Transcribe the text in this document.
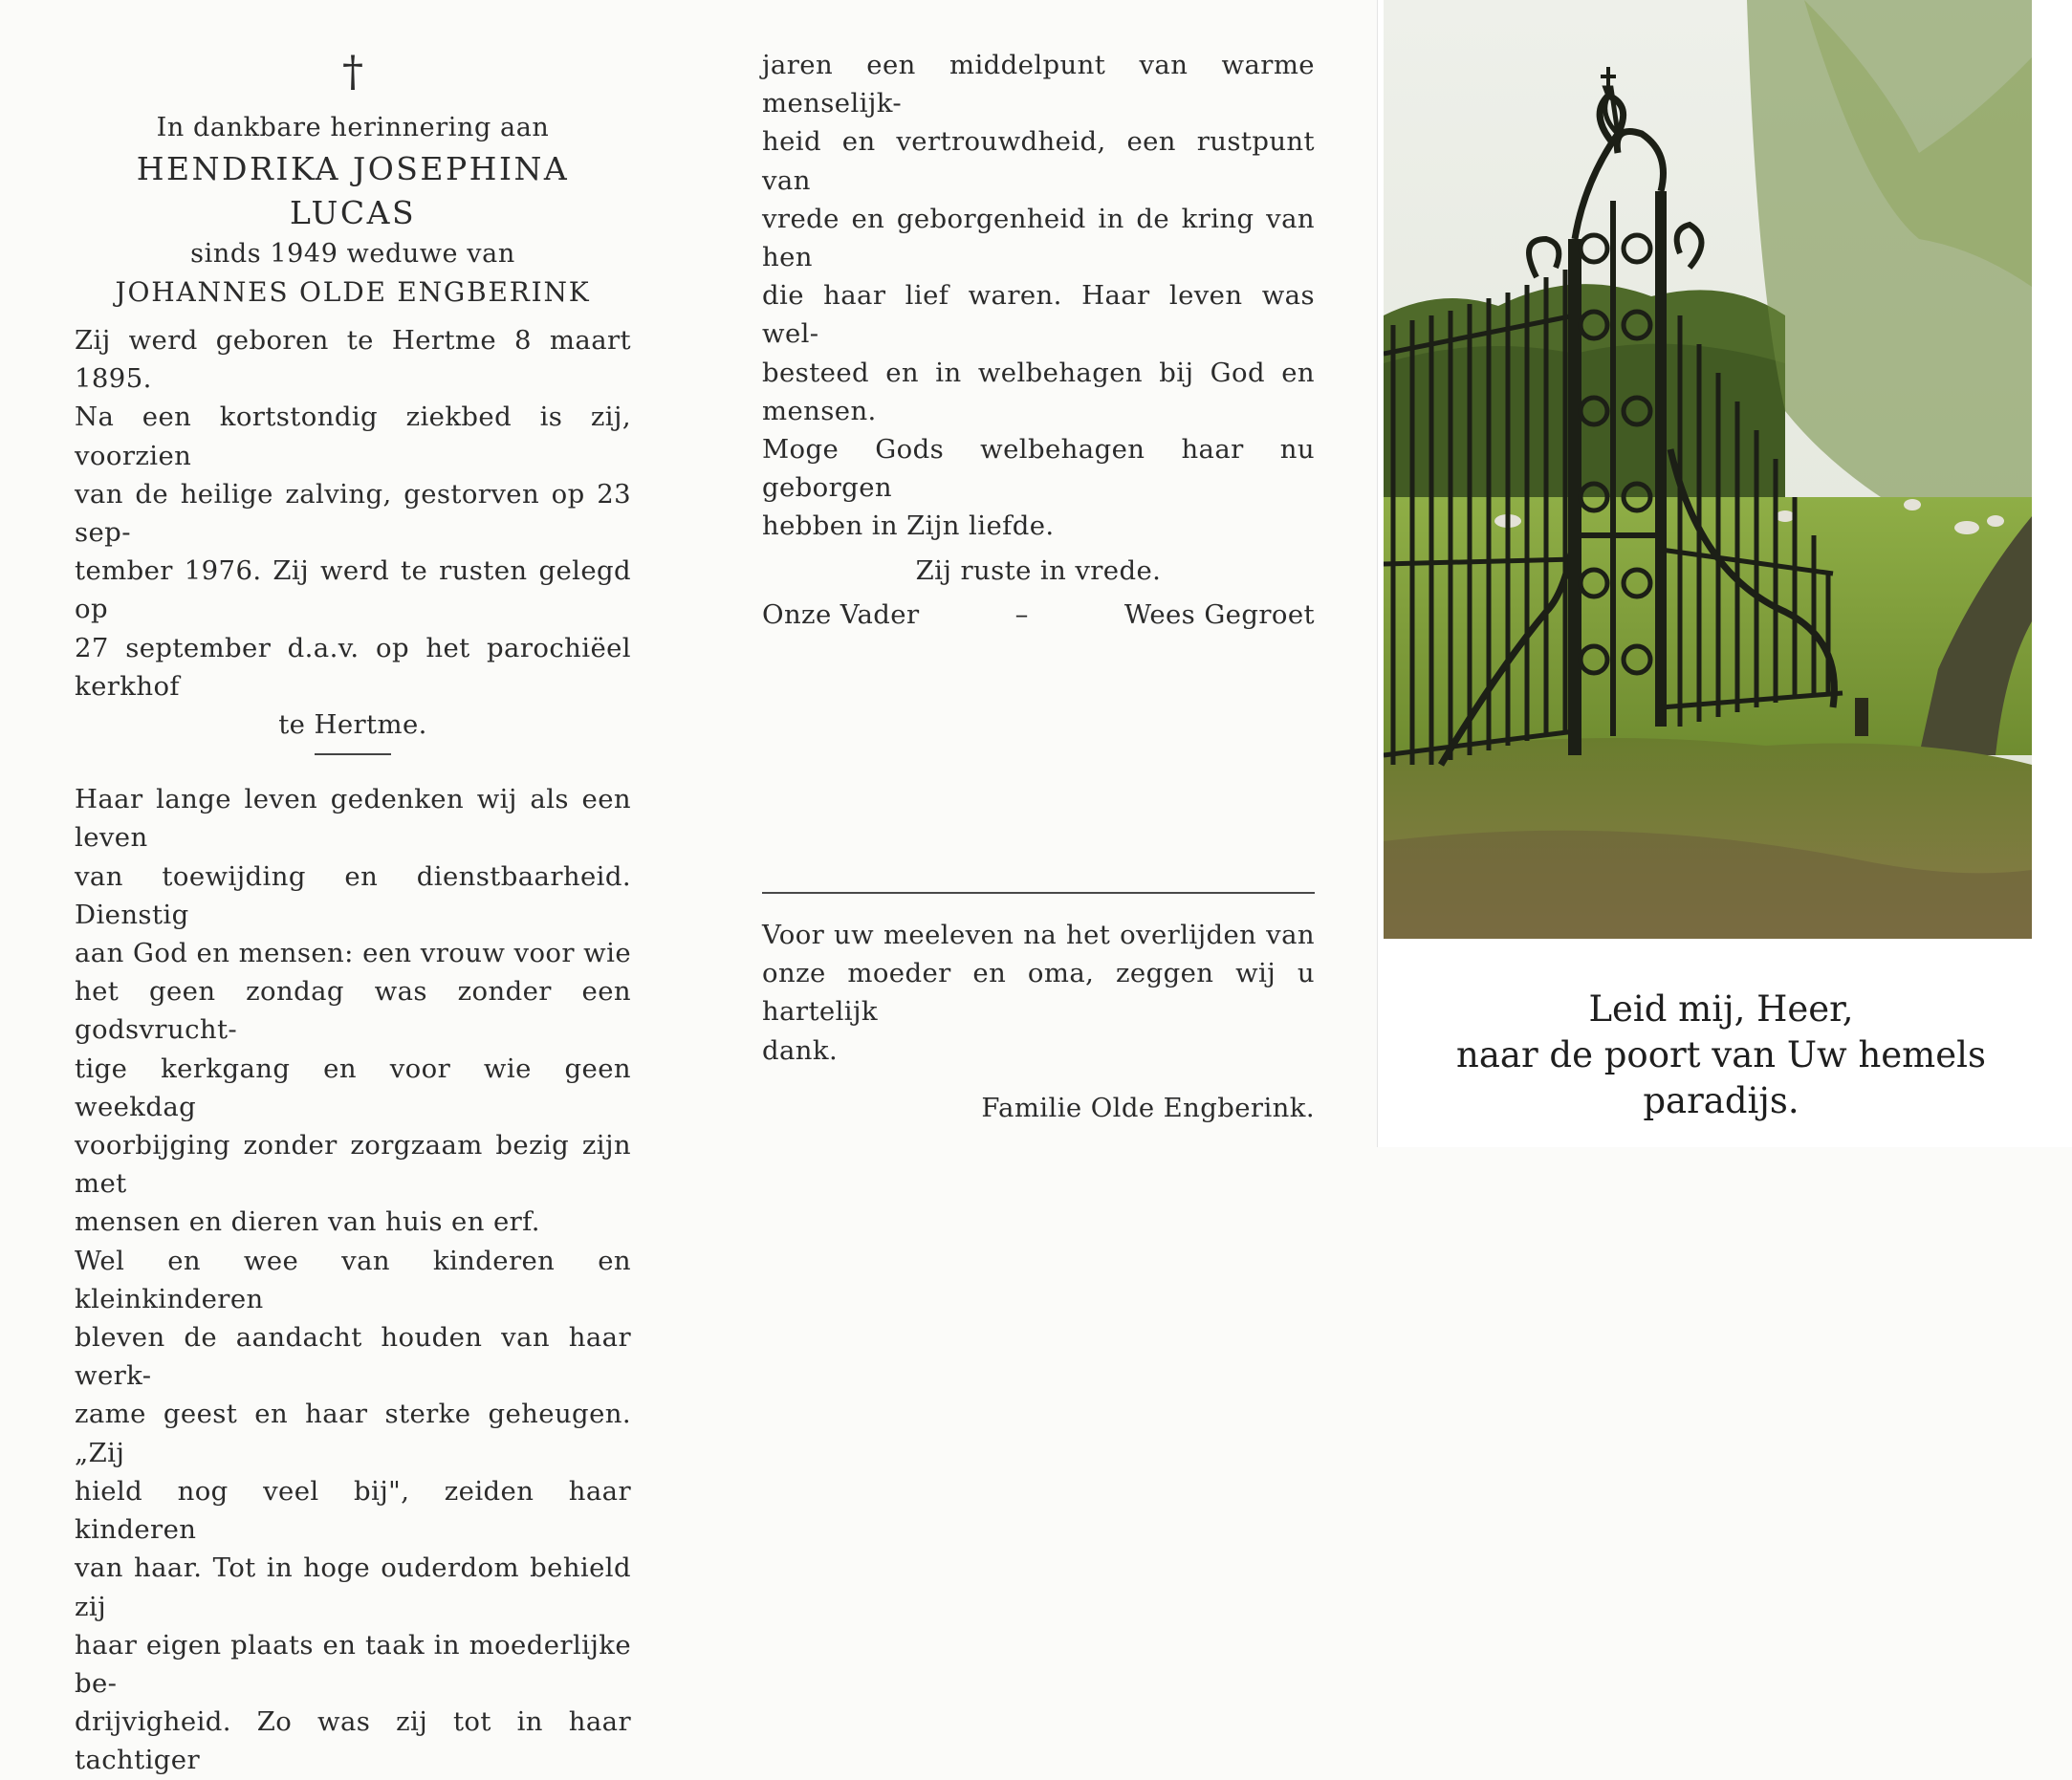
†
In dankbare herinnering aan
HENDRIKA JOSEPHINA LUCAS
sinds 1949 weduwe van
JOHANNES OLDE ENGBERINK
Zij werd geboren te Hertme 8 maart 1895.
Na een kortstondig ziekbed is zij, voorzien
van de heilige zalving, gestorven op 23 sep-
tember 1976. Zij werd te rusten gelegd op
27 september d.a.v. op het parochiëel kerkhof
te Hertme.
Haar lange leven gedenken wij als een leven
van toewijding en dienstbaarheid. Dienstig
aan God en mensen: een vrouw voor wie
het geen zondag was zonder een godsvrucht-
tige kerkgang en voor wie geen weekdag
voorbijging zonder zorgzaam bezig zijn met
mensen en dieren van huis en erf.
Wel en wee van kinderen en kleinkinderen
bleven de aandacht houden van haar werk-
zame geest en haar sterke geheugen. „Zij
hield nog veel bij", zeiden haar kinderen
van haar. Tot in hoge ouderdom behield zij
haar eigen plaats en taak in moederlijke be-
drijvigheid. Zo was zij tot in haar tachtiger
jaren een middelpunt van warme menselijk-
heid en vertrouwdheid, een rustpunt van
vrede en geborgenheid in de kring van hen
die haar lief waren. Haar leven was wel-
besteed en in welbehagen bij God en mensen.
Moge Gods welbehagen haar nu geborgen
hebben in Zijn liefde.
Zij ruste in vrede.
Onze Vader	–	Wees Gegroet
Voor uw meeleven na het overlijden van
onze moeder en oma, zeggen wij u hartelijk
dank.
Familie Olde Engberink.
Leid mij, Heer,
naar de poort van Uw hemels paradijs.
